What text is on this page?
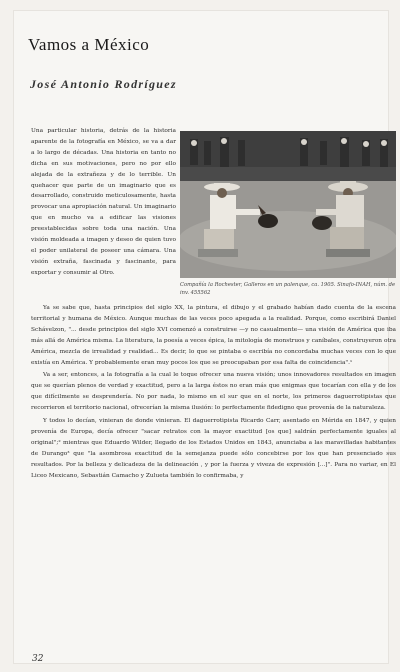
Vamos a México
José Antonio Rodríguez

Una particular historia, detrás de la historia aparente de la fotografía en México, se va a dar a lo largo de décadas. Una historia en tanto no dicha en sus motivaciones, pero no por ello alejada de la extrañeza y de lo terrible. Un quehacer que parte de un imaginario que es desarrollado, construido meticulosamente, hasta provocar una apropiación natural. Un imaginario que en mucho va a edificar las visiones preestablecidas sobre toda una nación. Una visión moldeada a imagen y deseo de quien tuvo el poder unilateral de poseer una cámara. Una visión extraña, fascinada y fascinante, para exportar y consumir al Otro.

Compañía la Rochester, Galleros en un palenque, ca. 1905. Sinafo-INAH, núm. de inv. 455562

Ya se sabe que, hasta principios del siglo XX, la pintura, el dibujo y el grabado habían dado cuenta de la escena territorial y humana de México. Aunque muchas de las veces poco apegada a la realidad. Porque, como escribirá Daniel Schávelzon, "... desde principios del siglo XVI comenzó a construirse —y no casualmente— una visión de América que iba más allá de América misma. La literatura, la poesía a veces épica, la mitología de monstruos y caníbales, construyeron otra América, mezcla de irrealidad y realidad... Es decir, lo que se pintaba o escribía no concordaba muchas veces con lo que existía en América. Y probablemente eran muy pocos los que se preocupaban por esa falta de coincidencia".¹

Va a ser, entonces, a la fotografía a la cual le toque ofrecer una nueva visión; unos innovadores resultados en imagen que se querían plenos de verdad y exactitud, pero a la larga éstos no eran más que enigmas que tocarían con ella y de los que difícilmente se desprendería. No por nada, lo mismo en el sur que en el norte, los primeros daguerrotipistas que recorrieron el territorio nacional, ofrecerían la misma ilusión: lo perfectamente fidedigno que provenía de la naturaleza.

Y todos lo decían, vinieran de donde vinieran. El daguerrotipista Ricardo Carr, asentado en Mérida en 1847, y quien provenía de Europa, decía ofrecer "sacar retratos con la mayor exactitud [os que] saldrán perfectamente iguales al original";² mientras que Eduardo Wilder, llegado de los Estados Unidos en 1843, anunciaba a las maravilladas habitantes de Durango³ que "la asombrosa exactitud de la semejanza puede sólo concebirse por los que han presenciado sus resultados. Por la belleza y delicadeza de la delineación , y por la fuerza y viveza de expresión [...]". Para no variar, en El Liceo Mexicano, Sebastián Camacho y Zulueta también lo confirmaba, y

32
